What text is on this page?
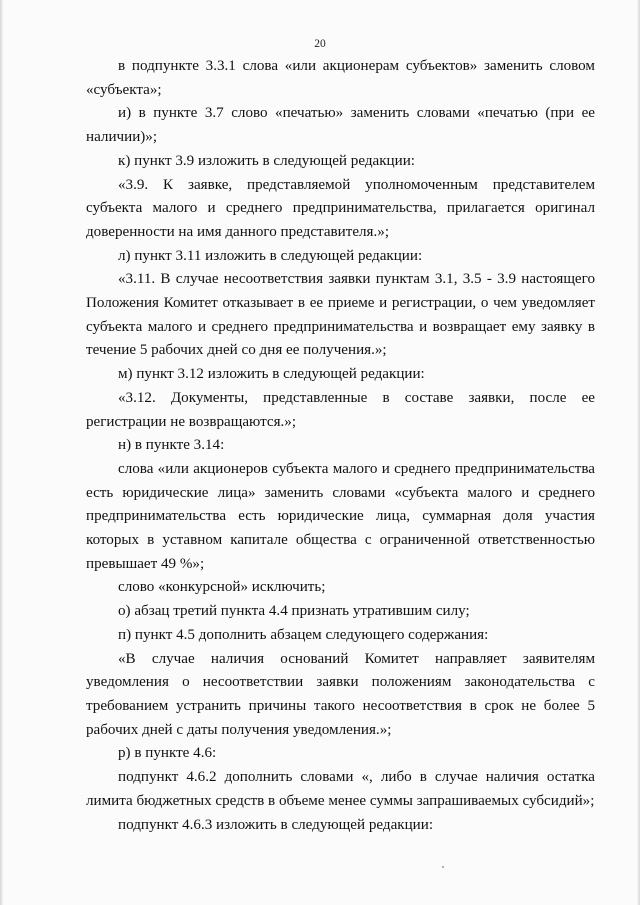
20

в подпункте 3.3.1 слова «или акционерам субъектов» заменить словом «субъекта»;

и) в пункте 3.7 слово «печатью» заменить словами «печатью (при ее наличии)»;

к) пункт 3.9 изложить в следующей редакции:

«3.9. К заявке, представляемой уполномоченным представителем субъекта малого и среднего предпринимательства, прилагается оригинал доверенности на имя данного представителя.»;

л) пункт 3.11 изложить в следующей редакции:

«3.11. В случае несоответствия заявки пунктам 3.1, 3.5 - 3.9 настоящего Положения Комитет отказывает в ее приеме и регистрации, о чем уведомляет субъекта малого и среднего предпринимательства и возвращает ему заявку в течение 5 рабочих дней со дня ее получения.»;

м) пункт 3.12 изложить в следующей редакции:

«3.12. Документы, представленные в составе заявки, после ее регистрации не возвращаются.»;

н) в пункте 3.14:

слова «или акционеров субъекта малого и среднего предпринимательства есть юридические лица» заменить словами «субъекта малого и среднего предпринимательства есть юридические лица, суммарная доля участия которых в уставном капитале общества с ограниченной ответственностью превышает 49 %»;

слово «конкурсной» исключить;

о) абзац третий пункта 4.4 признать утратившим силу;

п) пункт 4.5 дополнить абзацем следующего содержания:

«В случае наличия оснований Комитет направляет заявителям уведомления о несоответствии заявки положениям законодательства с требованием устранить причины такого несоответствия в срок не более 5 рабочих дней с даты получения уведомления.»;

р) в пункте 4.6:

подпункт 4.6.2 дополнить словами «, либо в случае наличия остатка лимита бюджетных средств в объеме менее суммы запрашиваемых субсидий»;

подпункт 4.6.3 изложить в следующей редакции:
